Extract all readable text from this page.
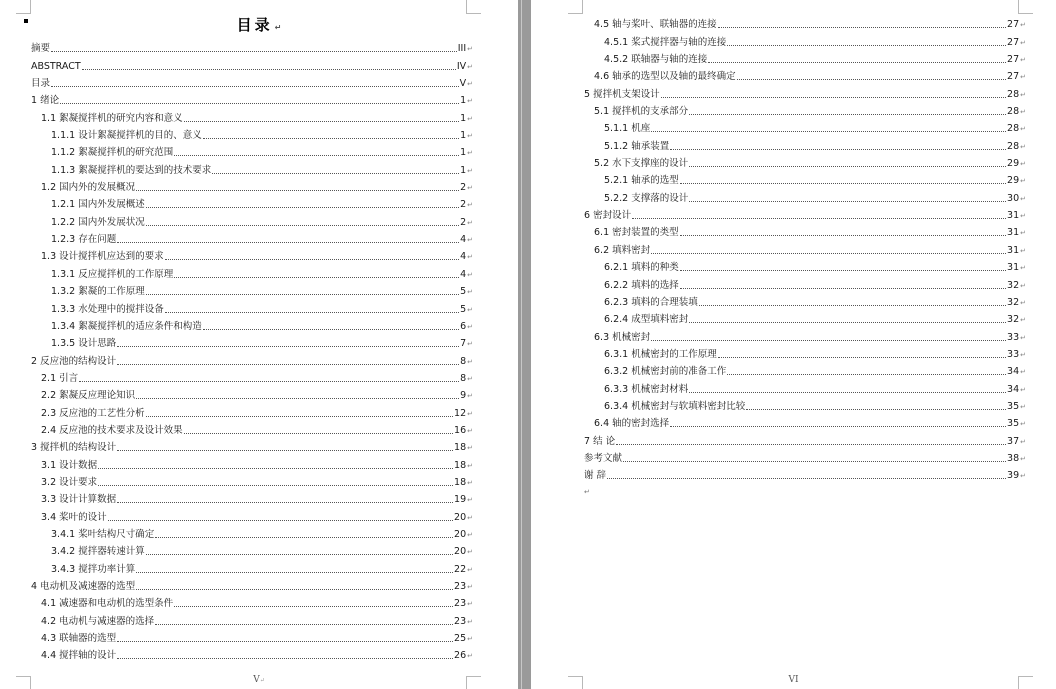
目录 ↵
摘要	III↵
ABSTRACT	IV↵
目录	V↵
1 绪论	1↵
1.1 絮凝搅拌机的研究内容和意义	1↵
1.1.1 设计絮凝搅拌机的目的、意义	1↵
1.1.2 絮凝搅拌机的研究范围	1↵
1.1.3 絮凝搅拌机的要达到的技术要求	1↵
1.2 国内外的发展概况	2↵
1.2.1 国内外发展概述	2↵
1.2.2 国内外发展状况	2↵
1.2.3 存在问题	4↵
1.3 设计搅拌机应达到的要求	4↵
1.3.1 反应搅拌机的工作原理	4↵
1.3.2 絮凝的工作原理	5↵
1.3.3 水处理中的搅拌设备	5↵
1.3.4 絮凝搅拌机的适应条件和构造	6↵
1.3.5 设计思路	7↵
2 反应池的结构设计	8↵
2.1 引言	8↵
2.2 絮凝反应理论知识	9↵
2.3 反应池的工艺性分析	12↵
2.4 反应池的技术要求及设计效果	16↵
3 搅拌机的结构设计	18↵
3.1 设计数据	18↵
3.2 设计要求	18↵
3.3 设计计算数据	19↵
3.4 桨叶的设计	20↵
3.4.1 桨叶结构尺寸确定	20↵
3.4.2 搅拌器转速计算	20↵
3.4.3 搅拌功率计算	22↵
4 电动机及减速器的选型	23↵
4.1 减速器和电动机的选型条件	23↵
4.2 电动机与减速器的选择	23↵
4.3 联轴器的选型	25↵
4.4 搅拌轴的设计	26↵
V↵
4.5 轴与桨叶、联轴器的连接	27↵
4.5.1 桨式搅拌器与轴的连接	27↵
4.5.2 联轴器与轴的连接	27↵
4.6 轴承的选型以及轴的最终确定	27↵
5 搅拌机支架设计	28↵
5.1 搅拌机的支承部分	28↵
5.1.1 机座	28↵
5.1.2 轴承装置	28↵
5.2 水下支撑座的设计	29↵
5.2.1 轴承的选型	29↵
5.2.2 支撑落的设计	30↵
6 密封设计	31↵
6.1 密封装置的类型	31↵
6.2 填料密封	31↵
6.2.1 填料的种类	31↵
6.2.2 填料的选择	32↵
6.2.3 填料的合理装填	32↵
6.2.4 成型填料密封	32↵
6.3 机械密封	33↵
6.3.1 机械密封的工作原理	33↵
6.3.2 机械密封前的准备工作	34↵
6.3.3 机械密封材料	34↵
6.3.4 机械密封与软填料密封比较	35↵
6.4 轴的密封选择	35↵
7 结 论	37↵
参考文献	38↵
谢 辞	39↵
↵
VI
